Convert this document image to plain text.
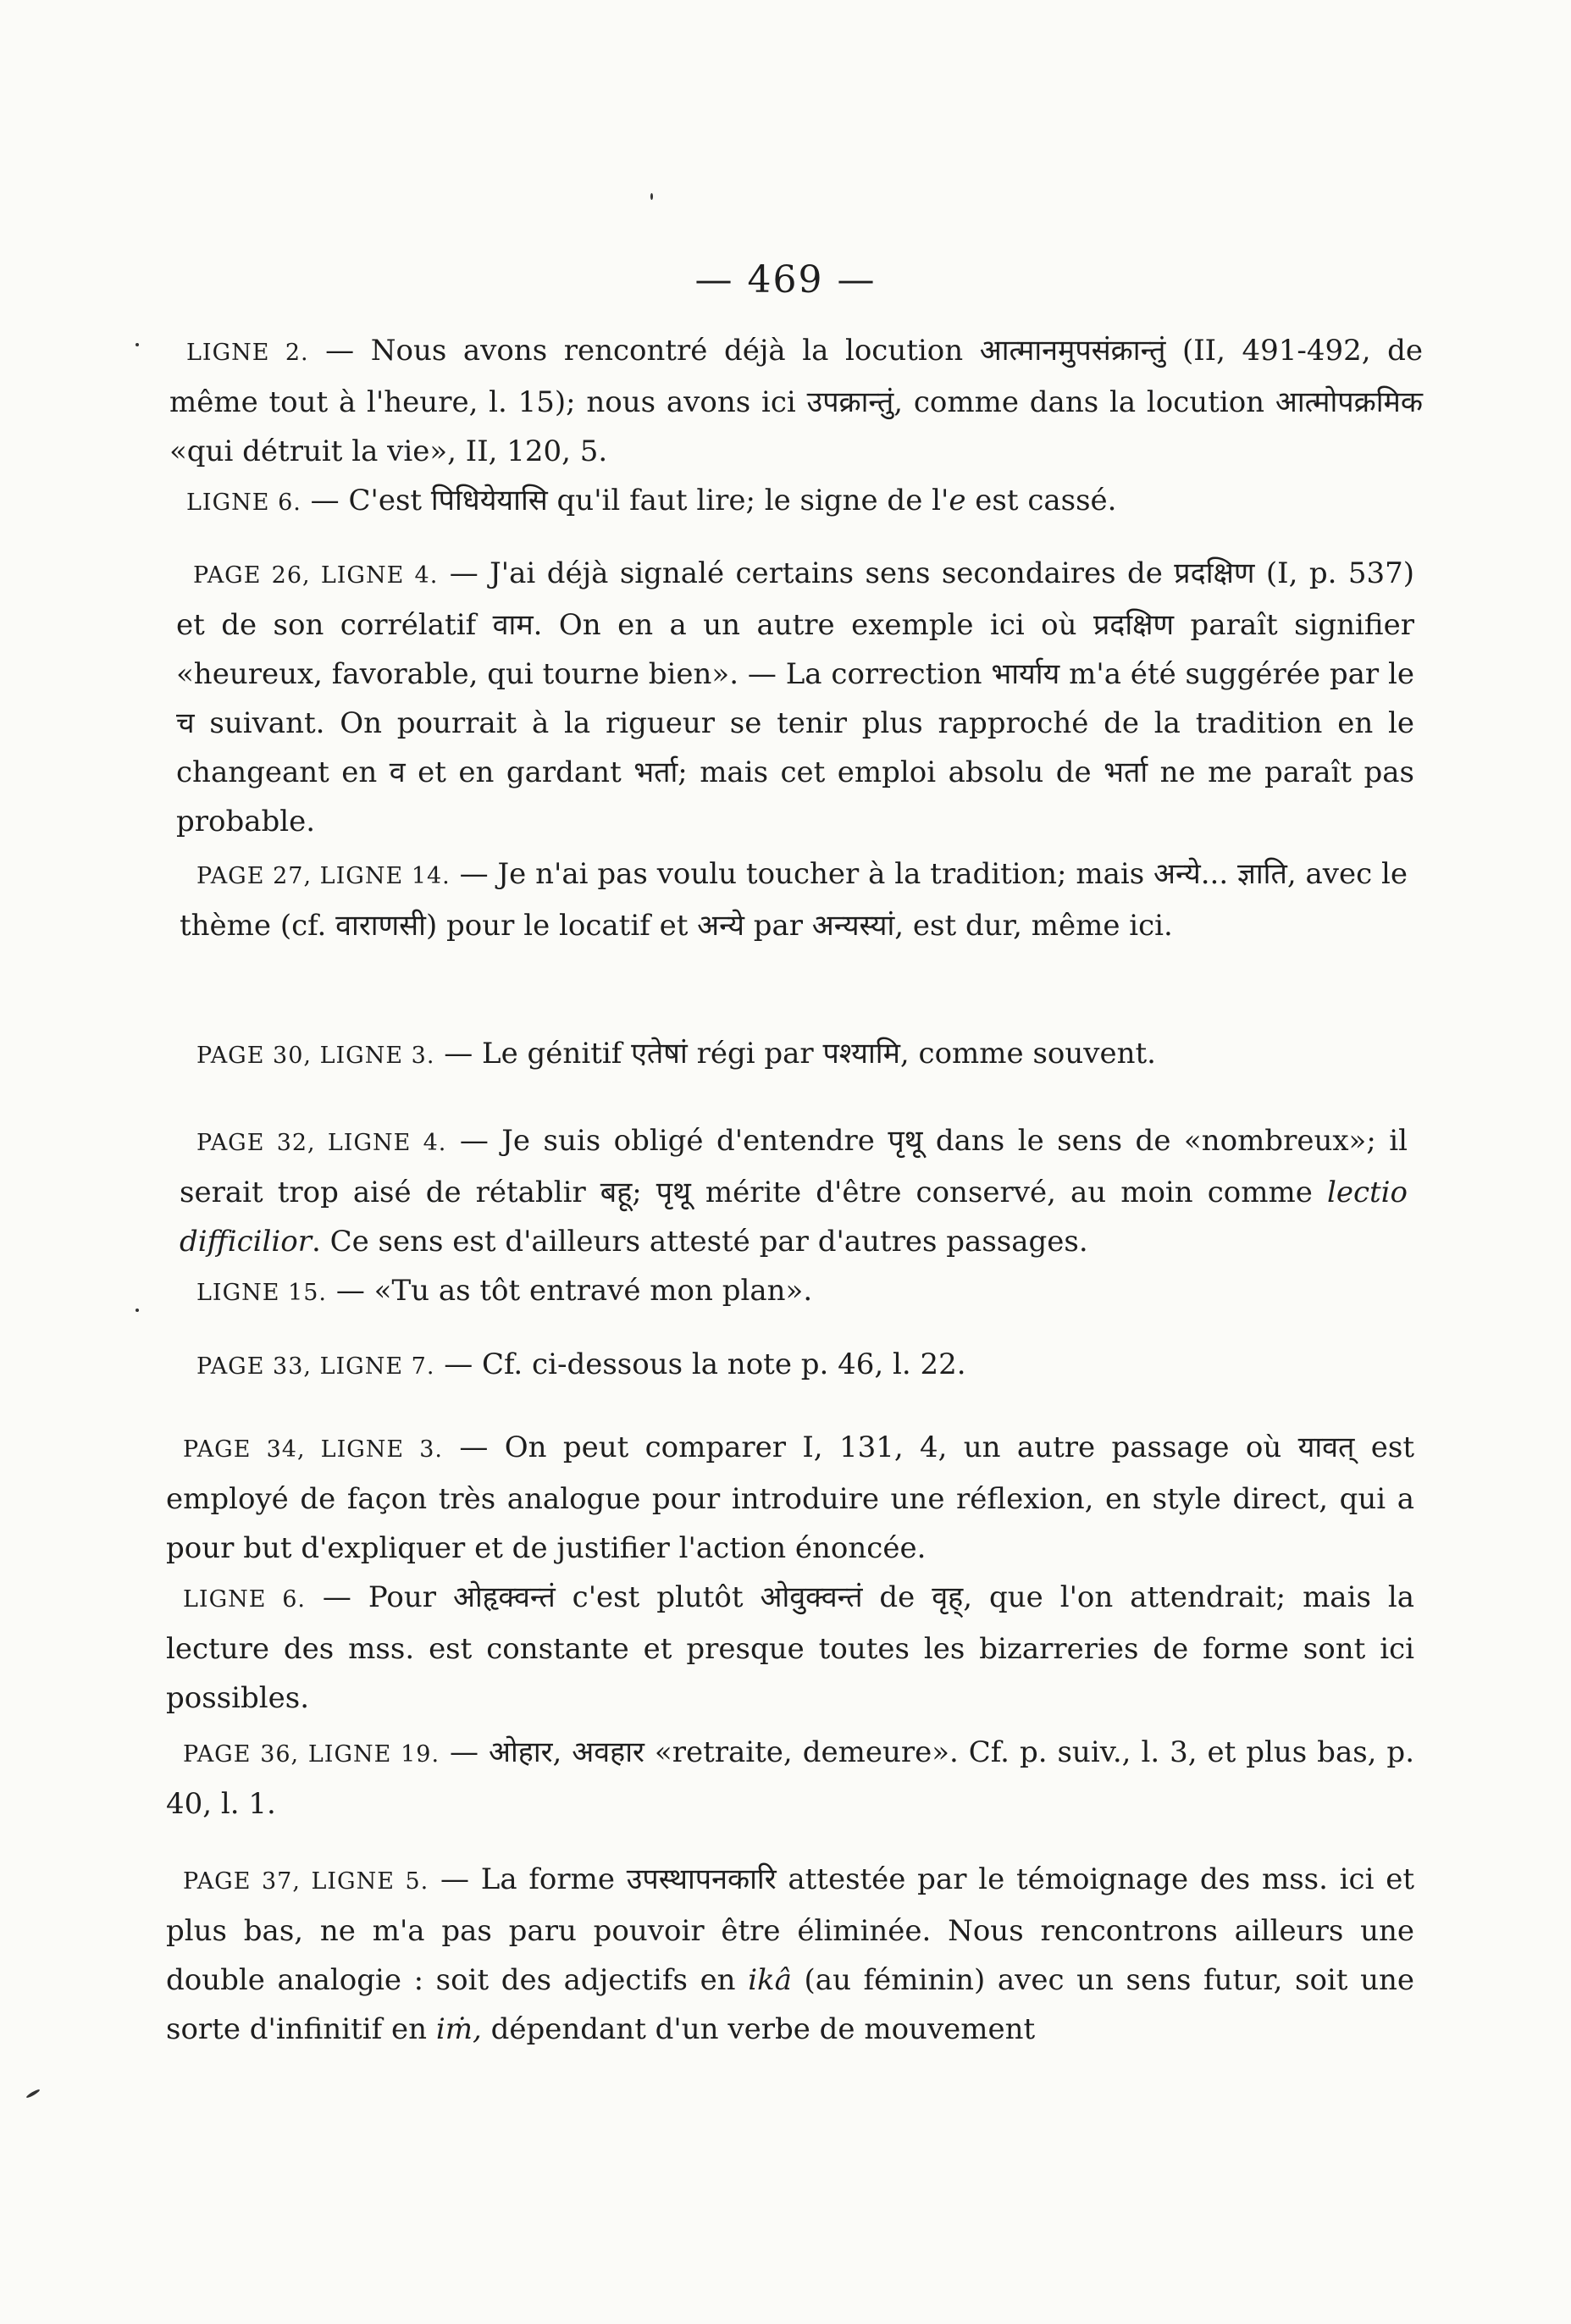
— 469 —

LIGNE 2. — Nous avons rencontré déjà la locution आत्मानमुपसंक्रान्तुं (II, 491-492, de même tout à l'heure, l. 15); nous avons ici उपक्रान्तुं, comme dans la locution आत्मोपक्रमिक «qui détruit la vie», II, 120, 5.

LIGNE 6. — C'est पिधियेयासि qu'il faut lire; le signe de l'e est cassé.

PAGE 26, LIGNE 4. — J'ai déjà signalé certains sens secondaires de प्रदक्षिण (I, p. 537) et de son corrélatif वाम. On en a un autre exemple ici où प्रदक्षिण paraît signifier «heureux, favorable, qui tourne bien». — La correction भार्याय m'a été suggérée par le च suivant. On pourrait à la rigueur se tenir plus rapproché de la tradition en le changeant en व et en gardant भर्ता; mais cet emploi absolu de भर्ता ne me paraît pas probable.

PAGE 27, LIGNE 14. — Je n'ai pas voulu toucher à la tradition; mais अन्ये... ज्ञाति, avec le thème (cf. वाराणसी) pour le locatif et अन्ये par अन्यस्यां, est dur, même ici.

PAGE 30, LIGNE 3. — Le génitif एतेषां régi par पश्यामि, comme souvent.

PAGE 32, LIGNE 4. — Je suis obligé d'entendre पृथू dans le sens de «nombreux»; il serait trop aisé de rétablir बहू; पृथू mérite d'être conservé, au moin comme lectio difficilior. Ce sens est d'ailleurs attesté par d'autres passages.

LIGNE 15. — «Tu as tôt entravé mon plan».

PAGE 33, LIGNE 7. — Cf. ci-dessous la note p. 46, l. 22.

PAGE 34, LIGNE 3. — On peut comparer I, 131, 4, un autre passage où यावत् est employé de façon très analogue pour introduire une réflexion, en style direct, qui a pour but d'expliquer et de justifier l'action énoncée.

LIGNE 6. — Pour ओहृक्वन्तं c'est plutôt ओवुक्वन्तं de वृह्, que l'on attendrait; mais la lecture des mss. est constante et presque toutes les bizarreries de forme sont ici possibles.

PAGE 36, LIGNE 19. — ओहार, अवहार «retraite, demeure». Cf. p. suiv., l. 3, et plus bas, p. 40, l. 1.

PAGE 37, LIGNE 5. — La forme उपस्थापनकारि attestée par le témoignage des mss. ici et plus bas, ne m'a pas paru pouvoir être éliminée. Nous rencontrons ailleurs une double analogie : soit des adjectifs en ikâ (au féminin) avec un sens futur, soit une sorte d'infinitif en iṁ, dépendant d'un verbe de mouvement
